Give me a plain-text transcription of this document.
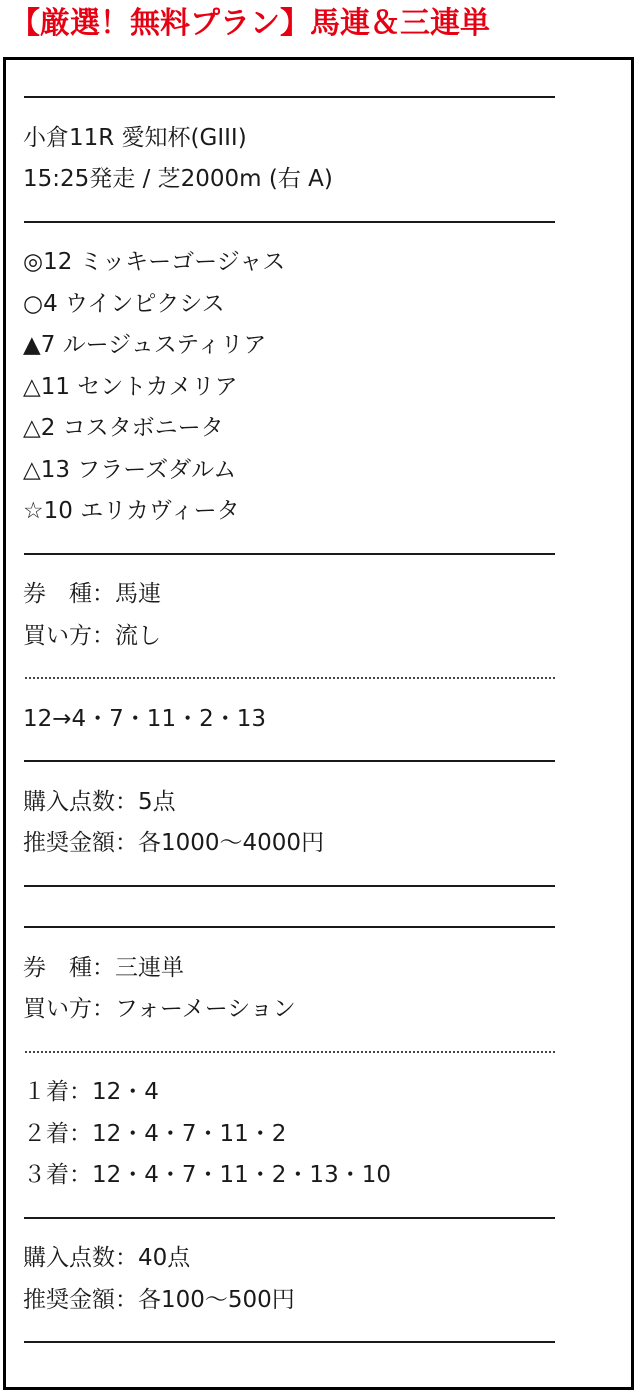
【厳選！無料プラン】馬連＆三連単
小倉11R 愛知杯(GIII)
15:25発走 / 芝2000m (右 A)
◎12 ミッキーゴージャス
○4 ウインピクシス
▲7 ルージュスティリア
△11 セントカメリア
△2 コスタボニータ
△13 フラーズダルム
☆10 エリカヴィータ
券　種：馬連
買い方：流し
12→4・7・11・2・13
購入点数：5点
推奨金額：各1000～4000円
券　種：三連単
買い方：フォーメーション
１着：12・4
２着：12・4・7・11・2
３着：12・4・7・11・2・13・10
購入点数：40点
推奨金額：各100～500円
